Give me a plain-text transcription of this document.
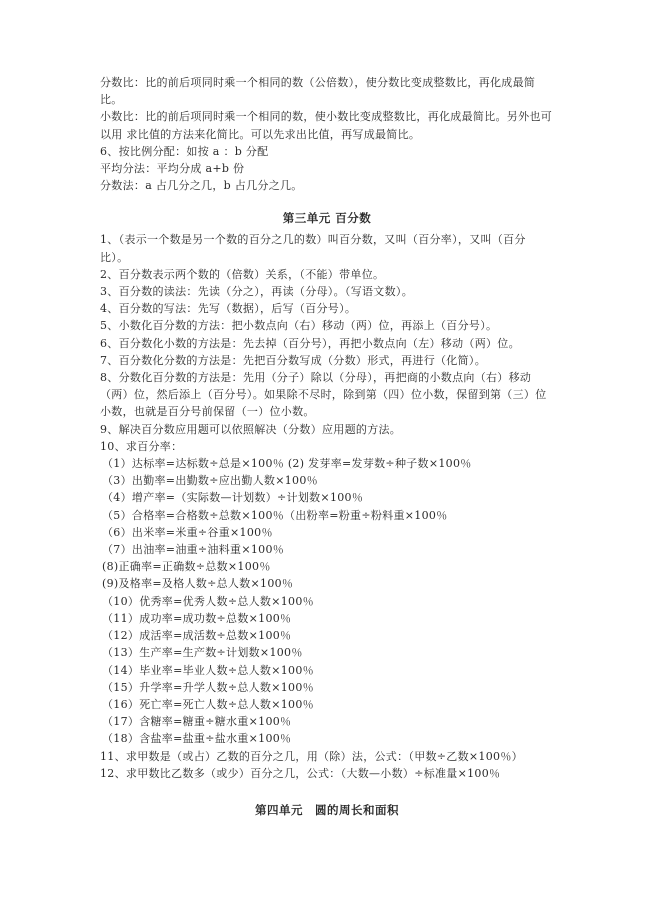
分数比：比的前后项同时乘一个相同的数（公倍数），使分数比变成整数比，再化成最简比。
小数比：比的前后项同时乘一个相同的数，使小数比变成整数比，再化成最简比。另外也可以用 求比值的方法来化简比。可以先求出比值，再写成最简比。
6、按比例分配：如按 a ：b 分配
平均分法：平均分成 a+b 份
分数法：a 占几分之几，b 占几分之几。
第三单元 百分数
1、（表示一个数是另一个数的百分之几的数）叫百分数，又叫（百分率），又叫（百分比）。
2、百分数表示两个数的（倍数）关系，（不能）带单位。
3、百分数的读法：先读（分之），再读（分母）。（写语文数）。
4、百分数的写法：先写（数据），后写（百分号）。
5、小数化百分数的方法：把小数点向（右）移动（两）位，再添上（百分号）。
6、百分数化小数的方法是：先去掉（百分号），再把小数点向（左）移动（两）位。
7、百分数化分数的方法是：先把百分数写成（分数）形式，再进行（化简）。
8、分数化百分数的方法是：先用（分子）除以（分母），再把商的小数点向（右）移动（两）位，然后添上（百分号）。如果除不尽时，除到第（四）位小数，保留到第（三）位小数，也就是百分号前保留（一）位小数。
9、解决百分数应用题可以依照解决（分数）应用题的方法。
10、求百分率：
（1）达标率=达标数÷总是×100％ (2) 发芽率=发芽数÷种子数×100％
（3）出勤率=出勤数÷应出勤人数×100％
（4）增产率=（实际数—计划数）÷计划数×100％
（5）合格率=合格数÷总数×100％（出粉率=粉重÷粉料重×100％
（6）出米率=米重÷谷重×100％
（7）出油率=油重÷油料重×100％
(8)正确率=正确数÷总数×100％
(9)及格率=及格人数÷总人数×100％
（10）优秀率=优秀人数÷总人数×100％
（11）成功率=成功数÷总数×100％
（12）成活率=成活数÷总数×100％
（13）生产率=生产数÷计划数×100％
（14）毕业率=毕业人数÷总人数×100％
（15）升学率=升学人数÷总人数×100％
（16）死亡率=死亡人数÷总人数×100％
（17）含糖率=糖重÷糖水重×100％
（18）含盐率=盐重÷盐水重×100％
11、求甲数是（或占）乙数的百分之几，用（除）法，公式：（甲数÷乙数×100％）
12、求甲数比乙数多（或少）百分之几，公式：（大数—小数）÷标准量×100％
第四单元　圆的周长和面积
